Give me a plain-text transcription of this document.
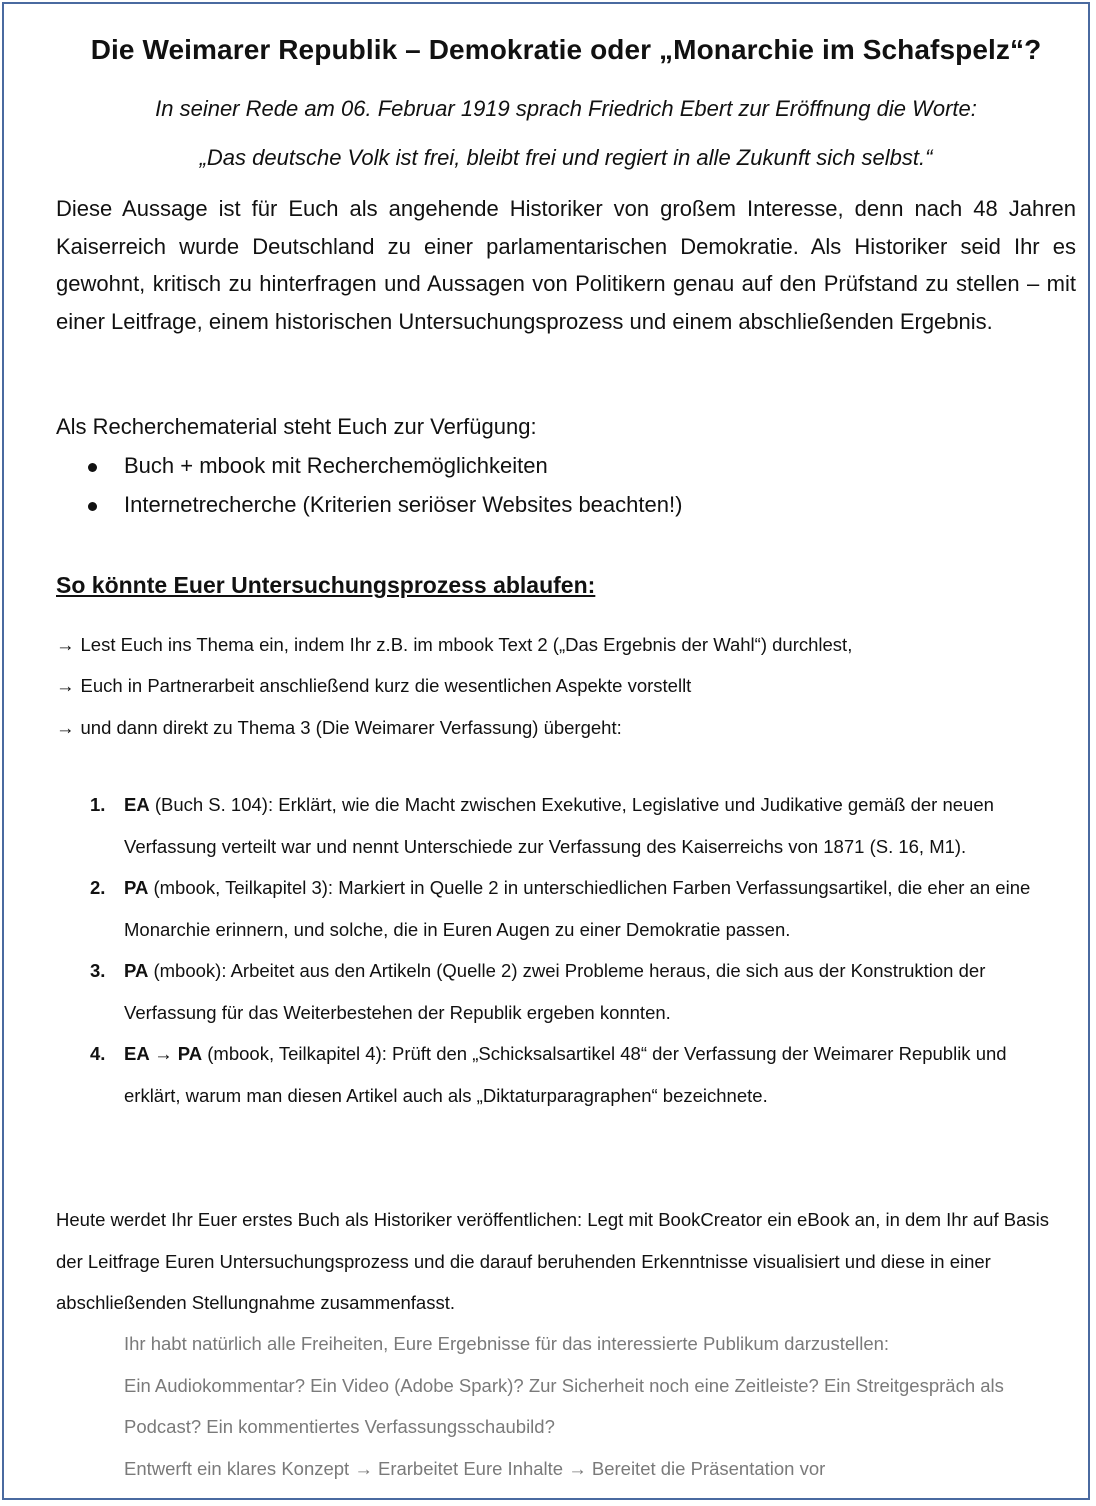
Die Weimarer Republik – Demokratie oder „Monarchie im Schafspelz“?
In seiner Rede am 06. Februar 1919 sprach Friedrich Ebert zur Eröffnung die Worte:
„Das deutsche Volk ist frei, bleibt frei und regiert in alle Zukunft sich selbst.“

Diese Aussage ist für Euch als angehende Historiker von großem Interesse, denn nach 48 Jahren Kaiserreich wurde Deutschland zu einer parlamentarischen Demokratie. Als Historiker seid Ihr es gewohnt, kritisch zu hinterfragen und Aussagen von Politikern genau auf den Prüfstand zu stellen – mit einer Leitfrage, einem historischen Untersuchungsprozess und einem abschließenden Ergebnis.

Als Recherchematerial steht Euch zur Verfügung:
Buch + mbook mit Recherchemöglichkeiten
Internetrecherche (Kriterien seriöser Websites beachten!)
So könnte Euer Untersuchungsprozess ablaufen:
→ Lest Euch ins Thema ein, indem Ihr z.B. im mbook Text 2 („Das Ergebnis der Wahl“) durchlest,
→ Euch in Partnerarbeit anschließend kurz die wesentlichen Aspekte vorstellt
→ und dann direkt zu Thema 3 (Die Weimarer Verfassung) übergeht:
1. EA (Buch S. 104): Erklärt, wie die Macht zwischen Exekutive, Legislative und Judikative gemäß der neuen Verfassung verteilt war und nennt Unterschiede zur Verfassung des Kaiserreichs von 1871 (S. 16, M1).
2. PA (mbook, Teilkapitel 3): Markiert in Quelle 2 in unterschiedlichen Farben Verfassungsartikel, die eher an eine Monarchie erinnern, und solche, die in Euren Augen zu einer Demokratie passen.
3. PA (mbook): Arbeitet aus den Artikeln (Quelle 2) zwei Probleme heraus, die sich aus der Konstruktion der Verfassung für das Weiterbestehen der Republik ergeben konnten.
4. EA → PA (mbook, Teilkapitel 4): Prüft den „Schicksalsartikel 48“ der Verfassung der Weimarer Republik und erklärt, warum man diesen Artikel auch als „Diktaturparagraphen“ bezeichnete.

Heute werdet Ihr Euer erstes Buch als Historiker veröffentlichen: Legt mit BookCreator ein eBook an, in dem Ihr auf Basis der Leitfrage Euren Untersuchungsprozess und die darauf beruhenden Erkenntnisse visualisiert und diese in einer abschließenden Stellungnahme zusammenfasst.

Ihr habt natürlich alle Freiheiten, Eure Ergebnisse für das interessierte Publikum darzustellen:

Ein Audiokommentar? Ein Video (Adobe Spark)? Zur Sicherheit noch eine Zeitleiste? Ein Streitgespräch als Podcast? Ein kommentiertes Verfassungsschaubild?

Entwerft ein klares Konzept → Erarbeitet Eure Inhalte → Bereitet die Präsentation vor
